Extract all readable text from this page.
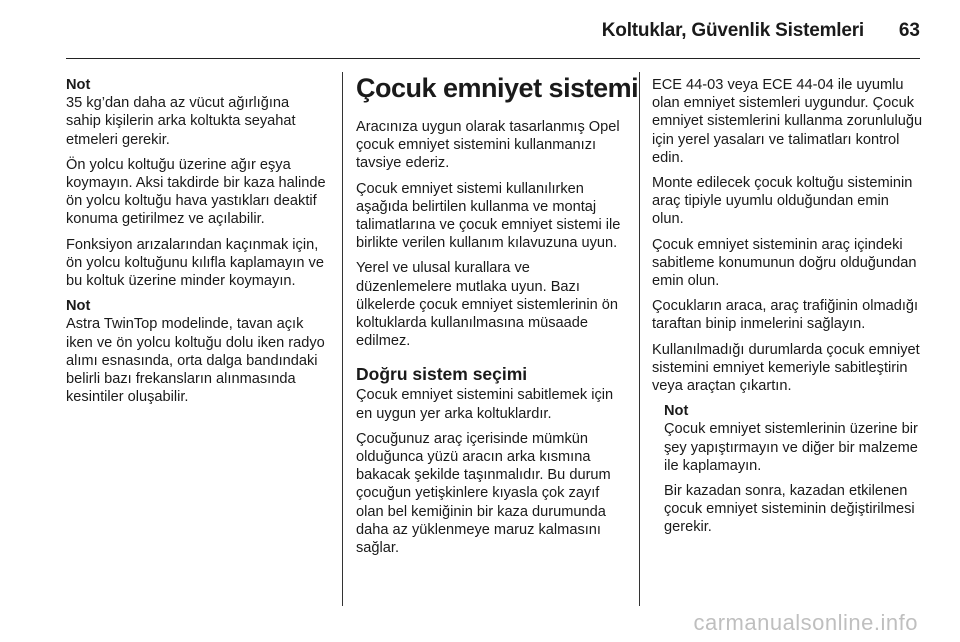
Koltuklar, Güvenlik Sistemleri 63

Not

35 kg’dan daha az vücut ağırlığına sahip kişilerin arka koltukta seyahat etmeleri gerekir.

Ön yolcu koltuğu üzerine ağır eşya koymayın. Aksi takdirde bir kaza halinde ön yolcu koltuğu hava yastıkları deaktif konuma getirilmez ve açılabilir.

Fonksiyon arızalarından kaçınmak için, ön yolcu koltuğunu kılıfla kaplamayın ve bu koltuk üzerine minder koymayın.

Not

Astra TwinTop modelinde, tavan açık iken ve ön yolcu koltuğu dolu iken radyo alımı esnasında, orta dalga bandındaki belirli bazı frekansların alınmasında kesintiler oluşabilir.

Çocuk emniyet sistemi

Aracınıza uygun olarak tasarlanmış Opel çocuk emniyet sistemini kullanmanızı tavsiye ederiz.

Çocuk emniyet sistemi kullanılırken aşağıda belirtilen kullanma ve montaj talimatlarına ve çocuk emniyet sistemi ile birlikte verilen kullanım kılavuzuna uyun.

Yerel ve ulusal kurallara ve düzenlemelere mutlaka uyun. Bazı ülkelerde çocuk emniyet sistemlerinin ön koltuklarda kullanılmasına müsaade edilmez.

Doğru sistem seçimi

Çocuk emniyet sistemini sabitlemek için en uygun yer arka koltuklardır.

Çocuğunuz araç içerisinde mümkün olduğunca yüzü aracın arka kısmına bakacak şekilde taşınmalıdır. Bu durum çocuğun yetişkinlere kıyasla çok zayıf olan bel kemiğinin bir kaza durumunda daha az yüklenmeye maruz kalmasını sağlar.

ECE 44-03 veya ECE 44-04 ile uyumlu olan emniyet sistemleri uygundur. Çocuk emniyet sistemlerini kullanma zorunluluğu için yerel yasaları ve talimatları kontrol edin.

Monte edilecek çocuk koltuğu sisteminin araç tipiyle uyumlu olduğundan emin olun.

Çocuk emniyet sisteminin araç içindeki sabitleme konumunun doğru olduğundan emin olun.

Çocukların araca, araç trafiğinin olmadığı taraftan binip inmelerini sağlayın.

Kullanılmadığı durumlarda çocuk emniyet sistemini emniyet kemeriyle sabitleştirin veya araçtan çıkartın.

Not

Çocuk emniyet sistemlerinin üzerine bir şey yapıştırmayın ve diğer bir malzeme ile kaplamayın.

Bir kazadan sonra, kazadan etkilenen çocuk emniyet sisteminin değiştirilmesi gerekir.

carmanualsonline.info
